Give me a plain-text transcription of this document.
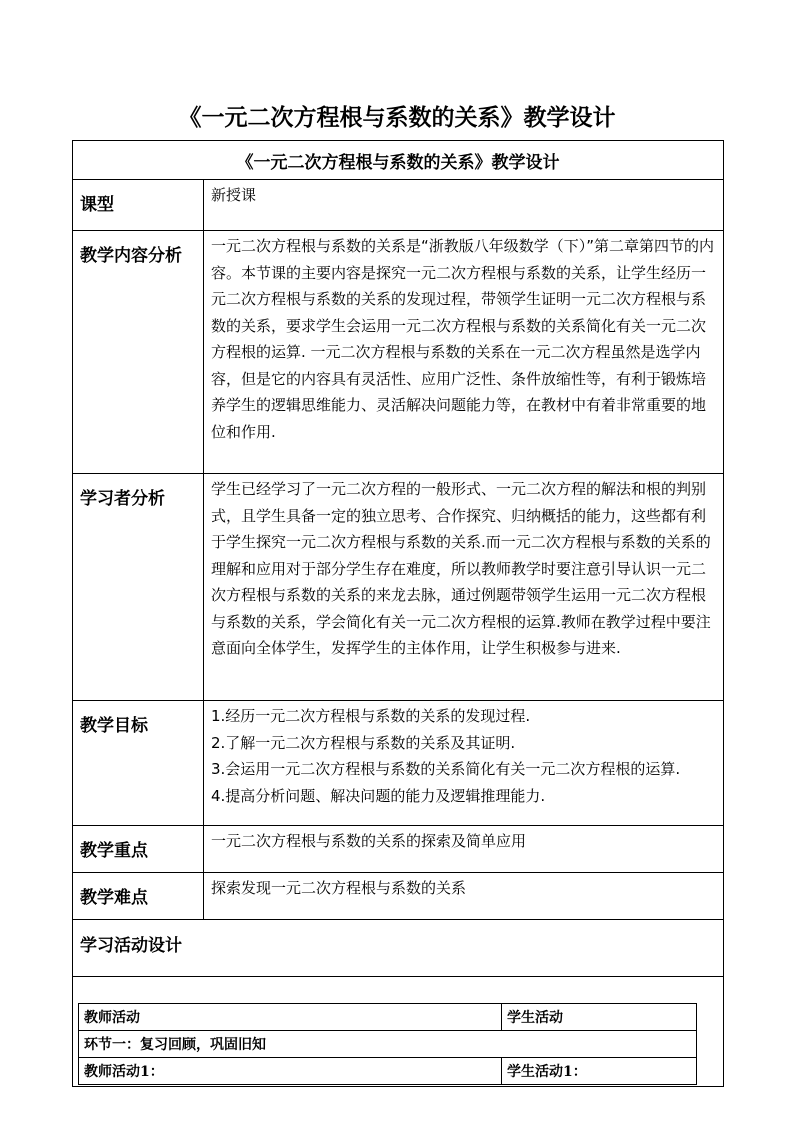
《一元二次方程根与系数的关系》教学设计
《一元二次方程根与系数的关系》教学设计
课型	新授课
教学内容分析	一元二次方程根与系数的关系是“浙教版八年级数学（下）”第二章第四节的内容。本节课的主要内容是探究一元二次方程根与系数的关系，让学生经历一元二次方程根与系数的关系的发现过程，带领学生证明一元二次方程根与系数的关系，要求学生会运用一元二次方程根与系数的关系简化有关一元二次方程根的运算. 一元二次方程根与系数的关系在一元二次方程虽然是选学内容，但是它的内容具有灵活性、应用广泛性、条件放缩性等，有利于锻炼培养学生的逻辑思维能力、灵活解决问题能力等，在教材中有着非常重要的地位和作用.

学习者分析	学生已经学习了一元二次方程的一般形式、一元二次方程的解法和根的判别式，且学生具备一定的独立思考、合作探究、归纳概括的能力，这些都有利于学生探究一元二次方程根与系数的关系.而一元二次方程根与系数的关系的理解和应用对于部分学生存在难度，所以教师教学时要注意引导认识一元二次方程根与系数的关系的来龙去脉，通过例题带领学生运用一元二次方程根与系数的关系，学会简化有关一元二次方程根的运算.教师在教学过程中要注意面向全体学生，发挥学生的主体作用，让学生积极参与进来.

教学目标	1.经历一元二次方程根与系数的关系的发现过程.
2.了解一元二次方程根与系数的关系及其证明.
3.会运用一元二次方程根与系数的关系简化有关一元二次方程根的运算.
4.提高分析问题、解决问题的能力及逻辑推理能力.

教学重点	一元二次方程根与系数的关系的探索及简单应用
教学难点	探索发现一元二次方程根与系数的关系
学习活动设计

教师活动	学生活动
环节一：复习回顾，巩固旧知
教师活动1：	学生活动1：
